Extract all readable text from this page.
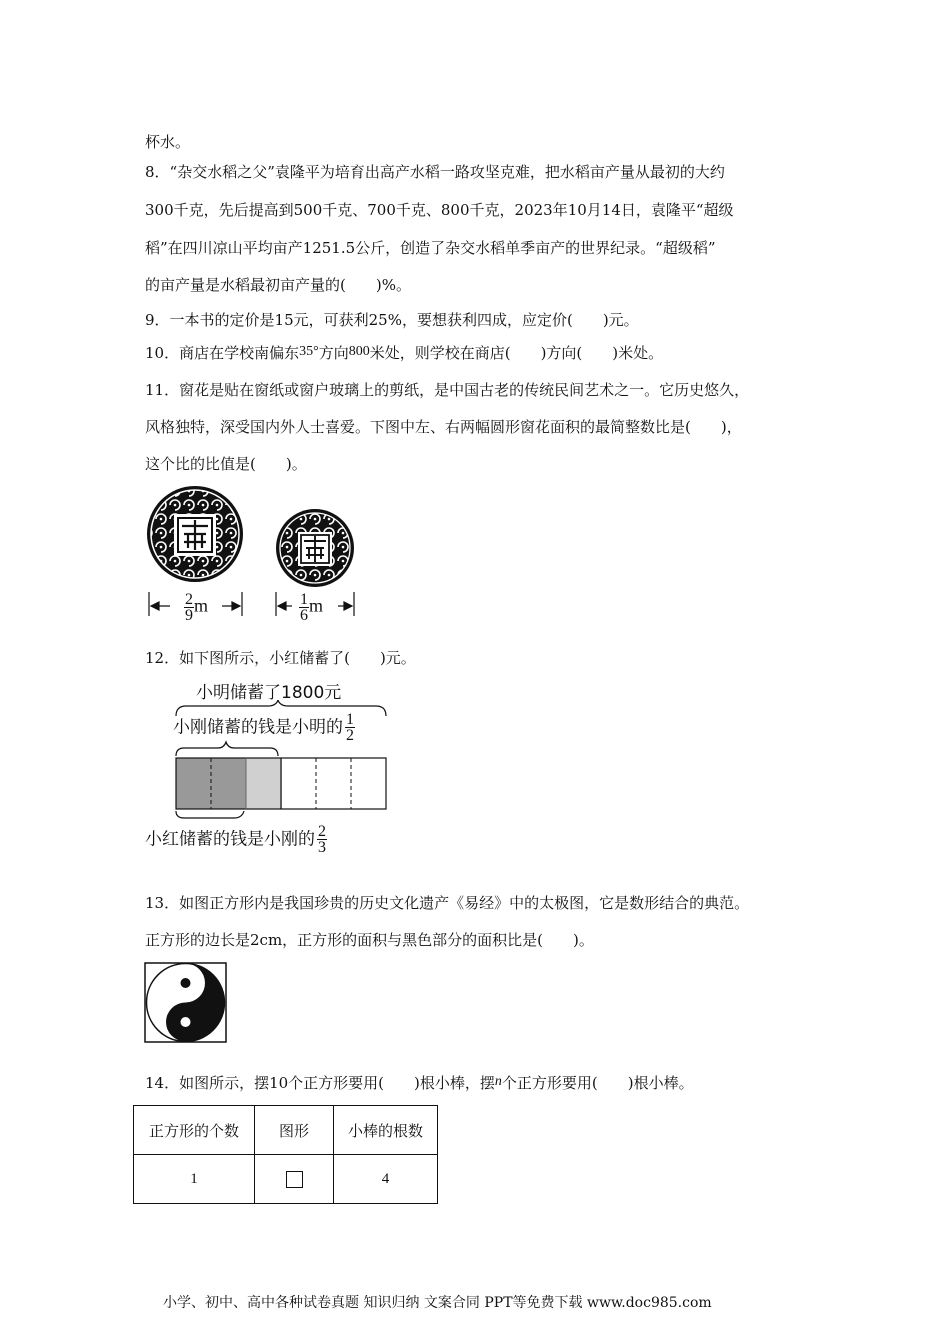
杯水。
8．“杂交水稻之父”袁隆平为培育出高产水稻一路攻坚克难，把水稻亩产量从最初的大约
300千克，先后提高到500千克、700千克、800千克，2023年10月14日，袁隆平“超级
稻”在四川凉山平均亩产1251.5公斤，创造了杂交水稻单季亩产的世界纪录。“超级稻”
的亩产量是水稻最初亩产量的(　　)%。
9．一本书的定价是15元，可获利25%，要想获利四成，应定价(　　)元。
10．商店在学校南偏东35°方向800米处，则学校在商店(　　)方向(　　)米处。
11．窗花是贴在窗纸或窗户玻璃上的剪纸，是中国古老的传统民间艺术之一。它历史悠久，
风格独特，深受国内外人士喜爱。下图中左、右两幅圆形窗花面积的最简整数比是(　　)，
这个比的比值是(　　)。
$\frac{2}{9}$ m	$\frac{1}{6}$ m
12．如下图所示，小红储蓄了(　　)元。
小明储蓄了1800元
小刚储蓄的钱是小明的 $\frac{1}{2}$
小红储蓄的钱是小刚的 $\frac{2}{3}$
13．如图正方形内是我国珍贵的历史文化遗产《易经》中的太极图，它是数形结合的典范。
正方形的边长是2cm，正方形的面积与黑色部分的面积比是(　　)。
14．如图所示，摆10个正方形要用(　　)根小棒，摆n个正方形要用(　　)根小棒。
正方形的个数	图形	小棒的根数
1		4
小学、初中、高中各种试卷真题 知识归纳 文案合同 PPT等免费下载 www.doc985.com
